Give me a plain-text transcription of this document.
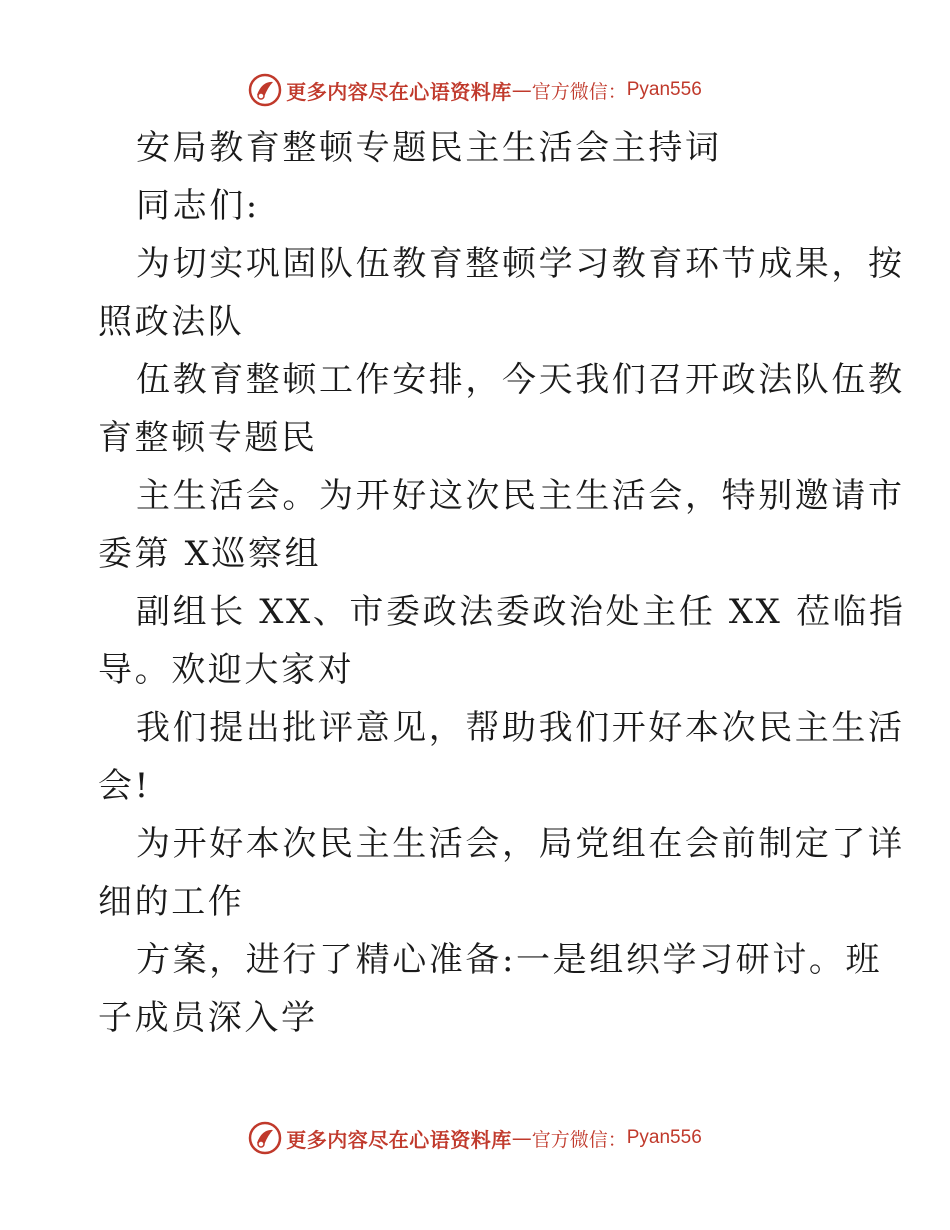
更多内容尽在心语资料库 — 官方微信： Pyan556
安局教育整顿专题民主生活会主持词
同志们:
为切实巩固队伍教育整顿学习教育环节成果，按
照政法队
伍教育整顿工作安排，今天我们召开政法队伍教
育整顿专题民
主生活会。为开好这次民主生活会，特别邀请市
委第 X巡察组
副组长 XX、市委政法委政治处主任 XX 莅临指
导。欢迎大家对
我们提出批评意见，帮助我们开好本次民主生活
会!
为开好本次民主生活会，局党组在会前制定了详
细的工作
方案，进行了精心准备:一是组织学习研讨。班
子成员深入学
更多内容尽在心语资料库 — 官方微信： Pyan556
